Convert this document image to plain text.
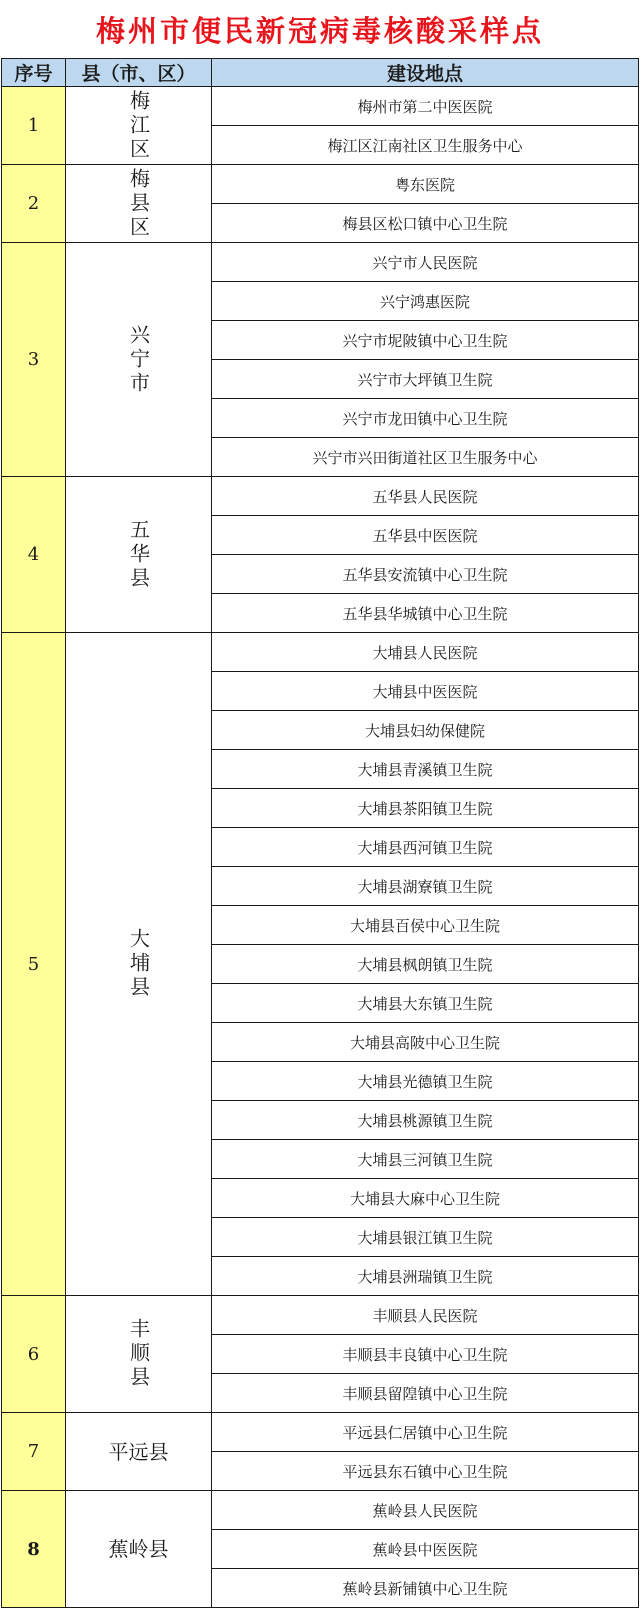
梅州市便民新冠病毒核酸采样点
序号	县（市、区）	建设地点
1	梅江区	梅州市第二中医医院
		梅江区江南社区卫生服务中心
2	梅县区	粤东医院
		梅县区松口镇中心卫生院
3	兴宁市	兴宁市人民医院
		兴宁鸿惠医院
		兴宁市坭陂镇中心卫生院
		兴宁市大坪镇卫生院
		兴宁市龙田镇中心卫生院
		兴宁市兴田街道社区卫生服务中心
4	五华县	五华县人民医院
		五华县中医医院
		五华县安流镇中心卫生院
		五华县华城镇中心卫生院
5	大埔县	大埔县人民医院
		大埔县中医医院
		大埔县妇幼保健院
		大埔县青溪镇卫生院
		大埔县茶阳镇卫生院
		大埔县西河镇卫生院
		大埔县湖寮镇卫生院
		大埔县百侯中心卫生院
		大埔县枫朗镇卫生院
		大埔县大东镇卫生院
		大埔县高陂中心卫生院
		大埔县光德镇卫生院
		大埔县桃源镇卫生院
		大埔县三河镇卫生院
		大埔县大麻中心卫生院
		大埔县银江镇卫生院
		大埔县洲瑞镇卫生院
6	丰顺县	丰顺县人民医院
		丰顺县丰良镇中心卫生院
		丰顺县留隍镇中心卫生院
7	平远县	平远县仁居镇中心卫生院
		平远县东石镇中心卫生院
8	蕉岭县	蕉岭县人民医院
		蕉岭县中医医院
		蕉岭县新铺镇中心卫生院
